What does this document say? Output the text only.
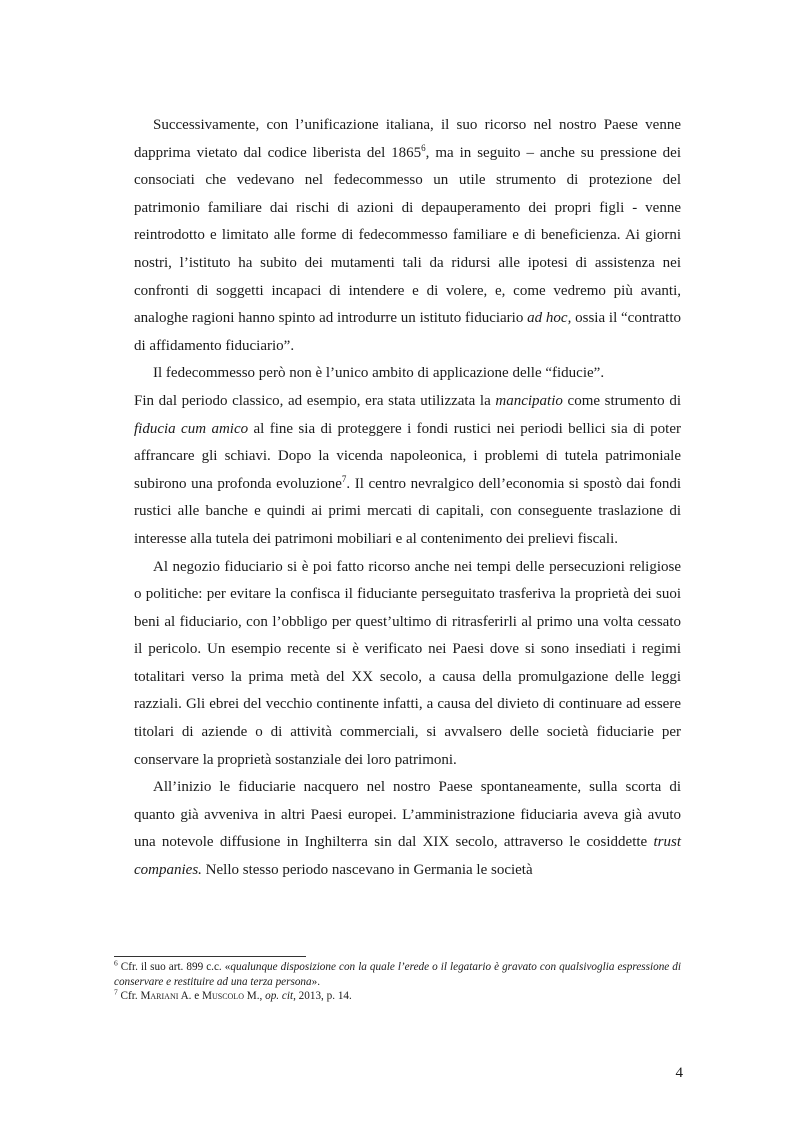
Successivamente, con l’unificazione italiana, il suo ricorso nel nostro Paese venne dapprima vietato dal codice liberista del 1865$^6$, ma in seguito – anche su pressione dei consociati che vedevano nel fedecommesso un utile strumento di protezione del patrimonio familiare dai rischi di azioni di depauperamento dei propri figli - venne reintrodotto e limitato alle forme di fedecommesso familiare e di beneficienza. Ai giorni nostri, l’istituto ha subito dei mutamenti tali da ridursi alle ipotesi di assistenza nei confronti di soggetti incapaci di intendere e di volere, e, come vedremo più avanti, analoghe ragioni hanno spinto ad introdurre un istituto fiduciario ad hoc, ossia il “contratto di affidamento fiduciario”.

Il fedecommesso però non è l’unico ambito di applicazione delle “fiducie”.

Fin dal periodo classico, ad esempio, era stata utilizzata la mancipatio come strumento di fiducia cum amico al fine sia di proteggere i fondi rustici nei periodi bellici sia di poter affrancare gli schiavi. Dopo la vicenda napoleonica, i problemi di tutela patrimoniale subirono una profonda evoluzione$^7$. Il centro nevralgico dell’economia si spostò dai fondi rustici alle banche e quindi ai primi mercati di capitali, con conseguente traslazione di interesse alla tutela dei patrimoni mobiliari e al contenimento dei prelievi fiscali.

Al negozio fiduciario si è poi fatto ricorso anche nei tempi delle persecuzioni religiose o politiche: per evitare la confisca il fiduciante perseguitato trasferiva la proprietà dei suoi beni al fiduciario, con l’obbligo per quest’ultimo di ritrasferirli al primo una volta cessato il pericolo. Un esempio recente si è verificato nei Paesi dove si sono insediati i regimi totalitari verso la prima metà del XX secolo, a causa della promulgazione delle leggi razziali. Gli ebrei del vecchio continente infatti, a causa del divieto di continuare ad essere titolari di aziende o di attività commerciali, si avvalsero delle società fiduciarie per conservare la proprietà sostanziale dei loro patrimoni.

All’inizio le fiduciarie nacquero nel nostro Paese spontaneamente, sulla scorta di quanto già avveniva in altri Paesi europei. L’amministrazione fiduciaria aveva già avuto una notevole diffusione in Inghilterra sin dal XIX secolo, attraverso le cosiddette trust companies. Nello stesso periodo nascevano in Germania le società

$^6$ Cfr. il suo art. 899 c.c. «qualunque disposizione con la quale l’erede o il legatario è gravato con qualsivoglia espressione di conservare e restituire ad una terza persona».

$^7$ Cfr. Mariani A. e Muscolo M., op. cit, 2013, p. 14.

4
